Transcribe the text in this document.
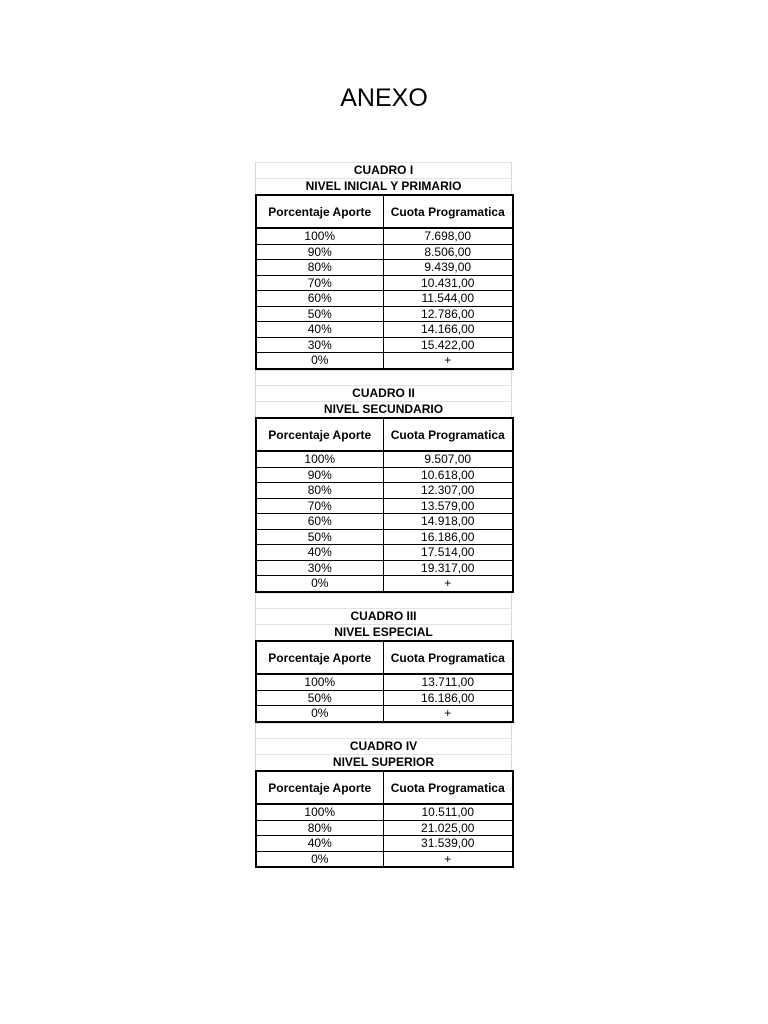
ANEXO
CUADRO I
NIVEL INICIAL Y PRIMARIO
Porcentaje Aporte	Cuota Programatica
100%	7.698,00
90%	8.506,00
80%	9.439,00
70%	10.431,00
60%	11.544,00
50%	12.786,00
40%	14.166,00
30%	15.422,00
0%	+
CUADRO II
NIVEL SECUNDARIO
Porcentaje Aporte	Cuota Programatica
100%	9.507,00
90%	10.618,00
80%	12.307,00
70%	13.579,00
60%	14.918,00
50%	16.186,00
40%	17.514,00
30%	19.317,00
0%	+
CUADRO III
NIVEL ESPECIAL
Porcentaje Aporte	Cuota Programatica
100%	13.711,00
50%	16.186,00
0%	+
CUADRO IV
NIVEL SUPERIOR
Porcentaje Aporte	Cuota Programatica
100%	10.511,00
80%	21.025,00
40%	31.539,00
0%	+
